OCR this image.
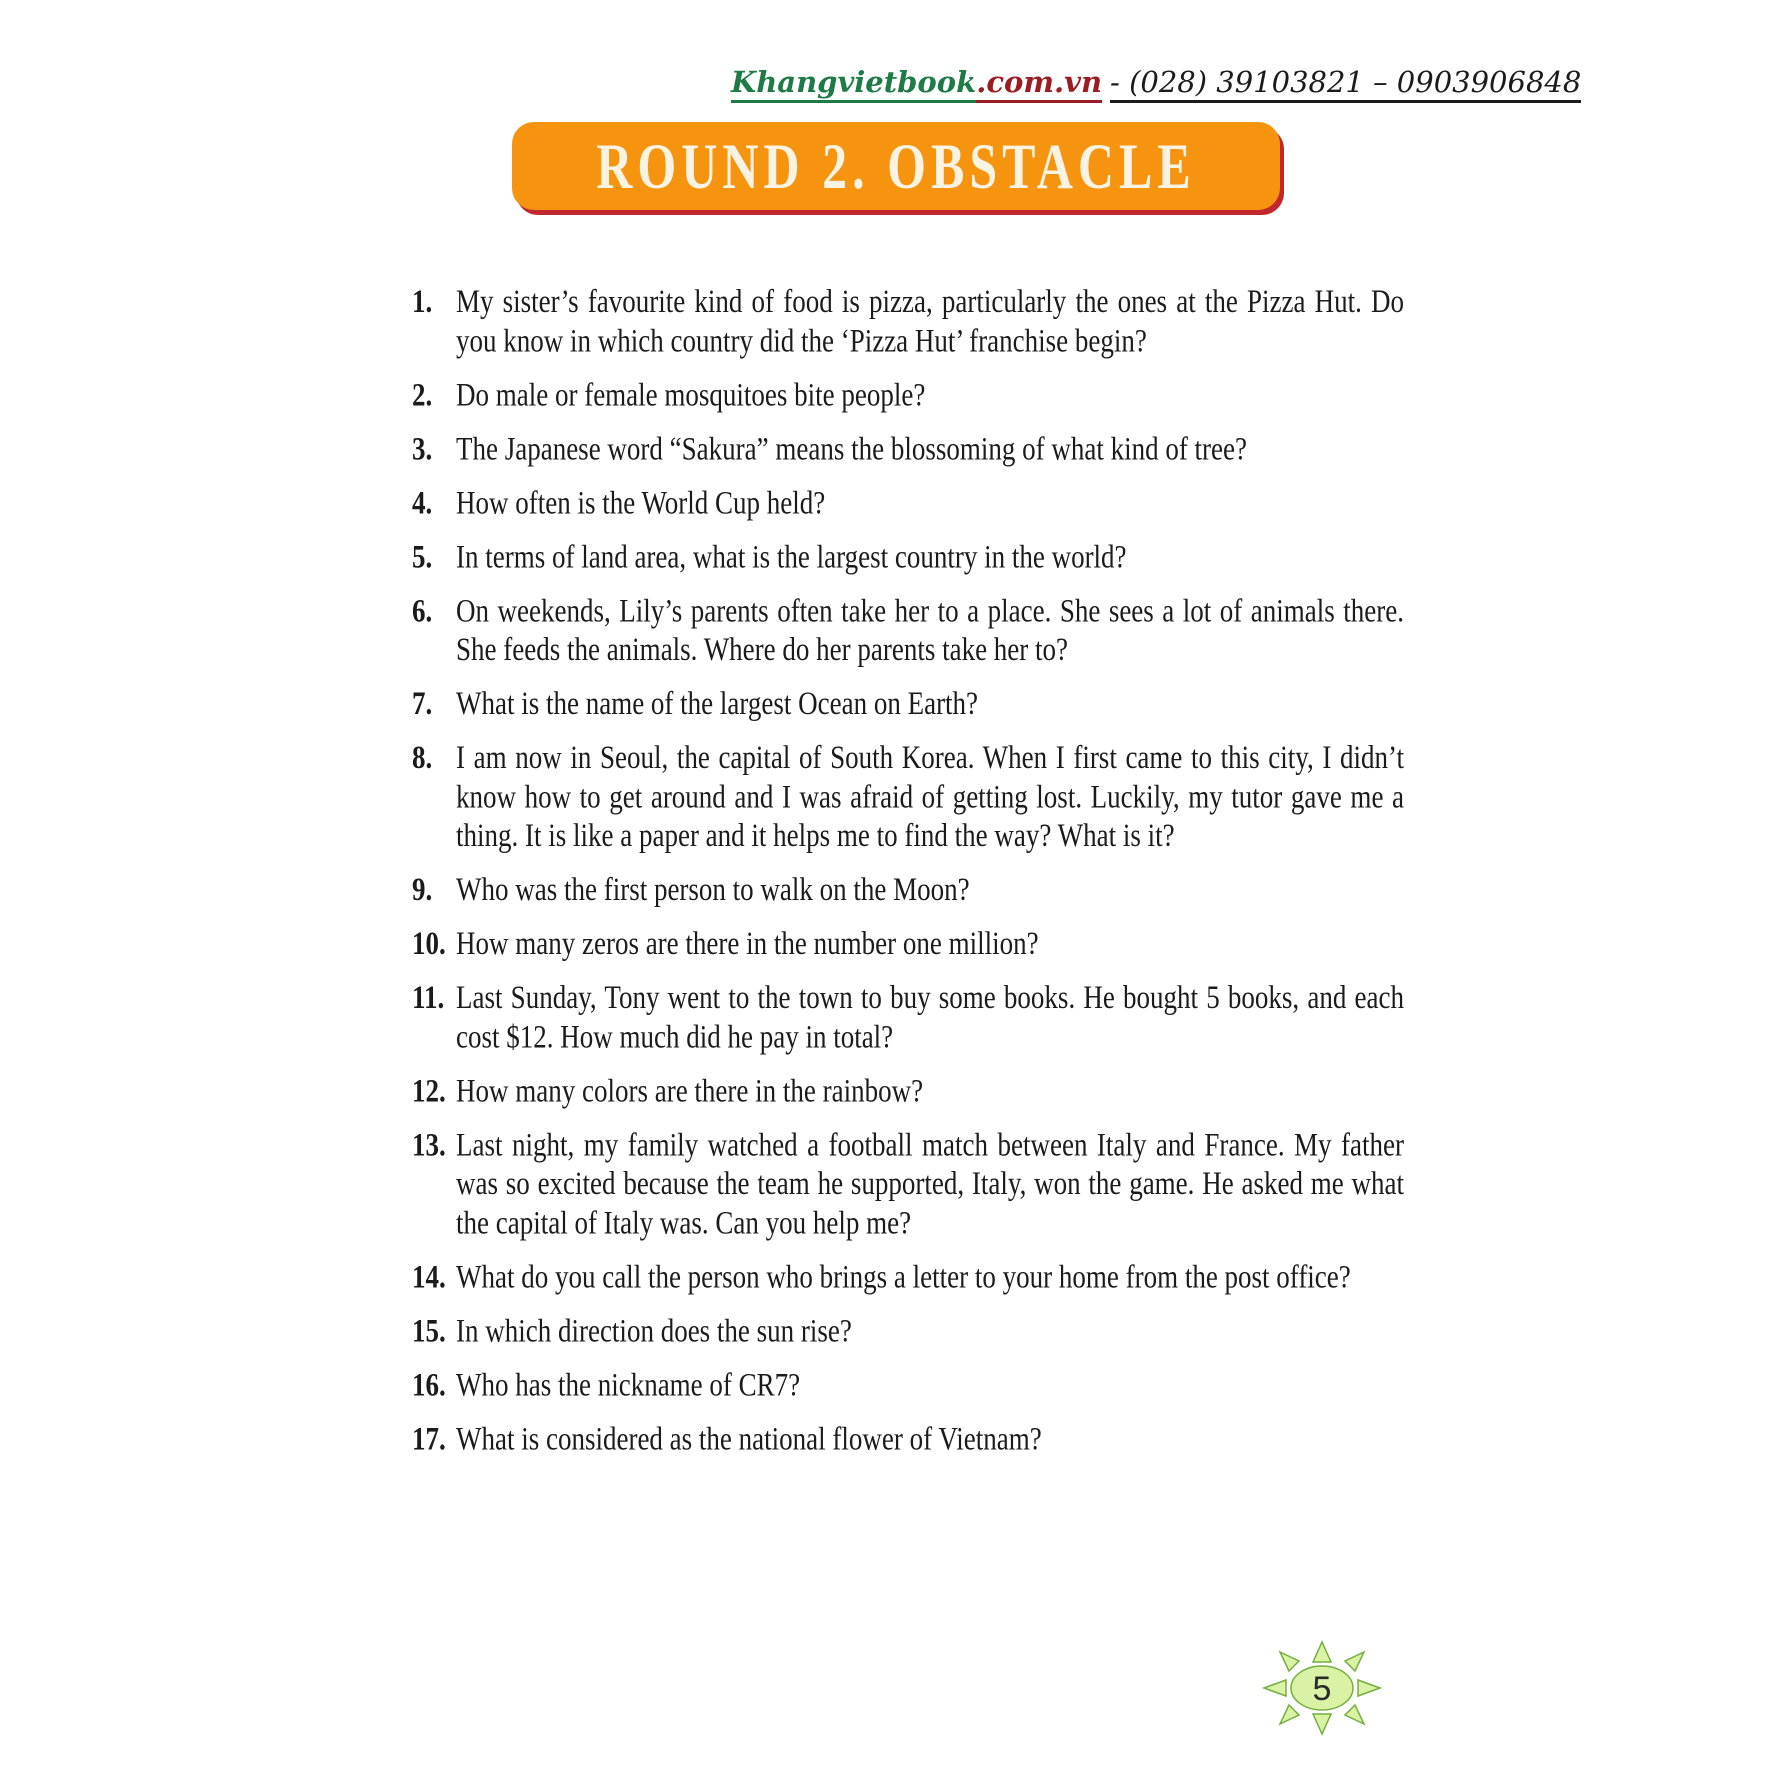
Khangvietbook.com.vn - (028) 39103821 – 0903906848
ROUND 2. OBSTACLE
1. My sister’s favourite kind of food is pizza, particularly the ones at the Pizza Hut. Do you know in which country did the ‘Pizza Hut’ franchise begin?
2. Do male or female mosquitoes bite people?
3. The Japanese word “Sakura” means the blossoming of what kind of tree?
4. How often is the World Cup held?
5. In terms of land area, what is the largest country in the world?
6. On weekends, Lily’s parents often take her to a place. She sees a lot of animals there. She feeds the animals. Where do her parents take her to?
7. What is the name of the largest Ocean on Earth?
8. I am now in Seoul, the capital of South Korea. When I first came to this city, I didn’t know how to get around and I was afraid of getting lost. Luckily, my tutor gave me a thing. It is like a paper and it helps me to find the way? What is it?
9. Who was the first person to walk on the Moon?
10. How many zeros are there in the number one million?
11. Last Sunday, Tony went to the town to buy some books. He bought 5 books, and each cost $12. How much did he pay in total?
12. How many colors are there in the rainbow?
13. Last night, my family watched a football match between Italy and France. My father was so excited because the team he supported, Italy, won the game. He asked me what the capital of Italy was. Can you help me?
14. What do you call the person who brings a letter to your home from the post office?
15. In which direction does the sun rise?
16. Who has the nickname of CR7?
17. What is considered as the national flower of Vietnam?
5
